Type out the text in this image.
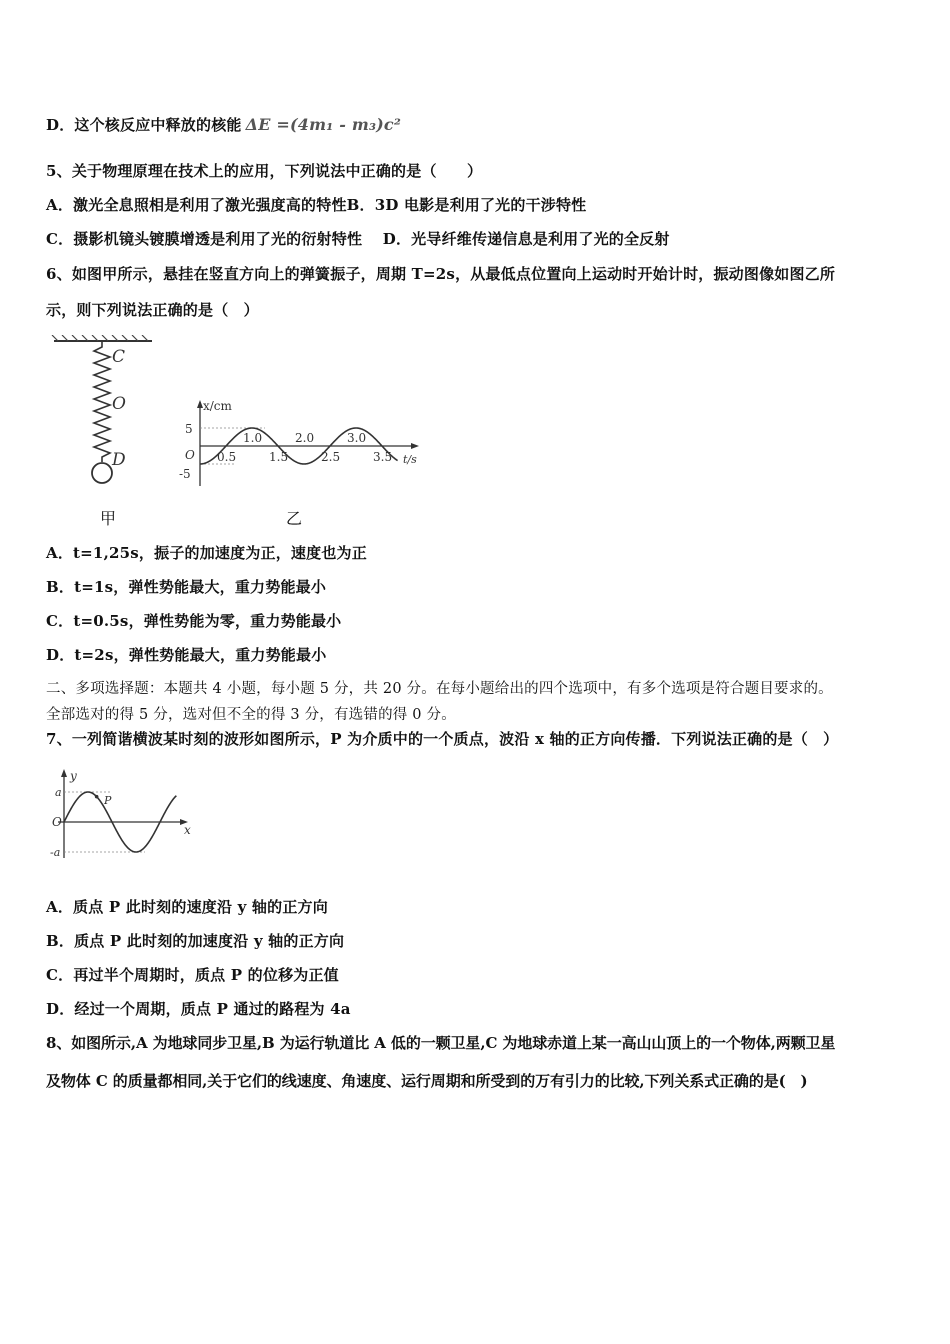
D．这个核反应中释放的核能 ΔE =(4m₁ - m₃)c²
5、关于物理原理在技术上的应用，下列说法中正确的是（　　）
A．激光全息照相是利用了激光强度高的特性B．3D 电影是利用了光的干涉特性
C．摄影机镜头镀膜增透是利用了光的衍射特性　 D．光导纤维传递信息是利用了光的全反射
6、如图甲所示，悬挂在竖直方向上的弹簧振子，周期 T=2s，从最低点位置向上运动时开始计时，振动图像如图乙所
示，则下列说法正确的是（　）
C
O
D
甲
x/cm
t/s
5
-5
O
1.0	2.0	3.0
0.5	1.5	2.5	3.5
乙
A．t=1,25s，振子的加速度为正，速度也为正
B．t=1s，弹性势能最大，重力势能最小
C．t=0.5s，弹性势能为零，重力势能最小
D．t=2s，弹性势能最大，重力势能最小
二、多项选择题：本题共 4 小题，每小题 5 分，共 20 分。在每小题给出的四个选项中，有多个选项是符合题目要求的。
全部选对的得 5 分，选对但不全的得 3 分，有选错的得 0 分。
7、一列简谐横波某时刻的波形如图所示，P 为介质中的一个质点，波沿 x 轴的正方向传播．下列说法正确的是（　）
y
x
a
-a
O
P
A．质点 P 此时刻的速度沿 y 轴的正方向
B．质点 P 此时刻的加速度沿 y 轴的正方向
C．再过半个周期时，质点 P 的位移为正值
D．经过一个周期，质点 P 通过的路程为 4a
8、如图所示,A 为地球同步卫星,B 为运行轨道比 A 低的一颗卫星,C 为地球赤道上某一高山山顶上的一个物体,两颗卫星
及物体 C 的质量都相同,关于它们的线速度、角速度、运行周期和所受到的万有引力的比较,下列关系式正确的是(　)
